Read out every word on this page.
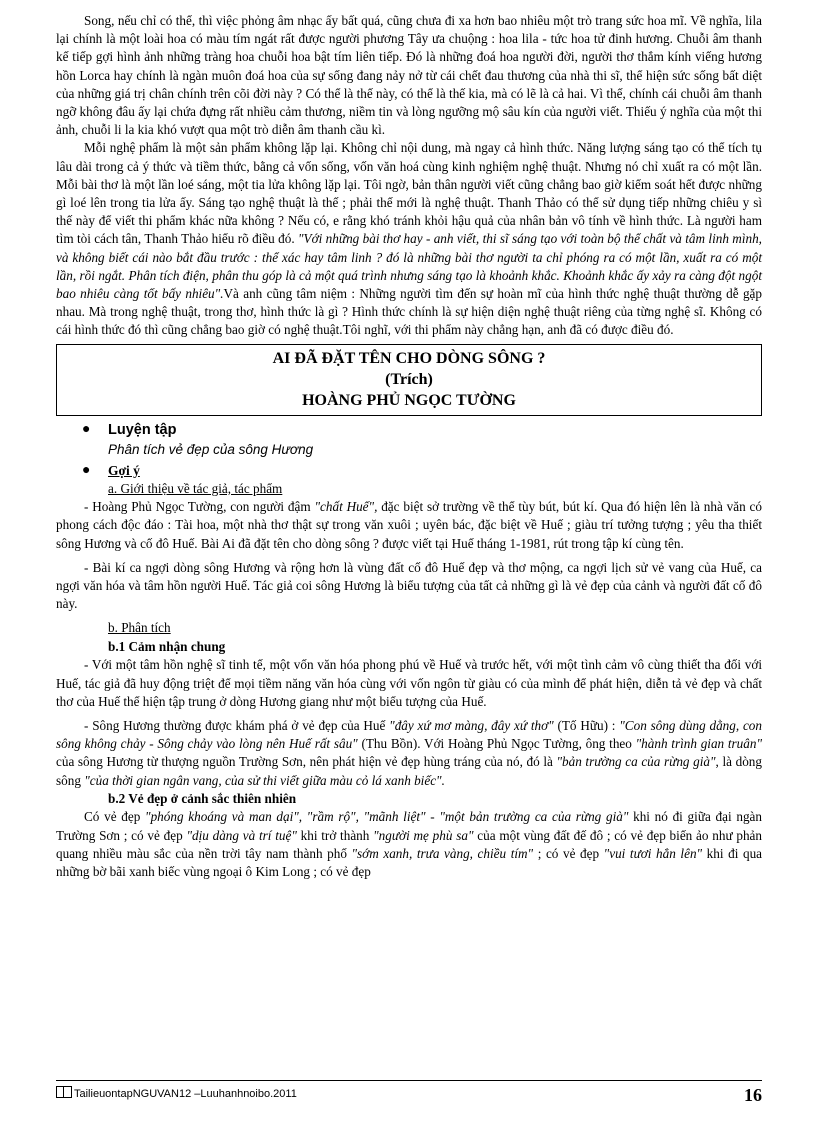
Song, nếu chỉ có thể, thì việc phỏng âm nhạc ấy bất quá, cũng chưa đi xa hơn bao nhiêu một trò trang sức hoa mĩ. Về nghĩa, lila lại chính là một loài hoa có màu tím ngát rất được người phương Tây ưa chuộng : hoa lila - tức hoa tử đinh hương. Chuỗi âm thanh kế tiếp gợi hình ảnh những tràng hoa chuỗi hoa bật tím liên tiếp. Đó là những đoá hoa người đời, người thơ thắm kính viếng hương hồn Lorca hay chính là ngàn muôn đoá hoa của sự sống đang nảy nở từ cái chết đau thương của nhà thi sĩ, thể hiện sức sống bất diệt của những giá trị chân chính trên cõi đời này ? Có thể là thế này, có thể là thế kia, mà có lẽ là cả hai. Vì thế, chính cái chuỗi âm thanh ngỡ không đâu ấy lại chứa đựng rất nhiều cảm thương, niềm tin và lòng ngưỡng mộ sâu kín của người viết. Thiếu ý nghĩa của một thi ảnh, chuỗi li la kia khó vượt qua một trò diễn âm thanh cầu kì.

Mỗi nghệ phẩm là một sản phẩm không lặp lại. Không chỉ nội dung, mà ngay cả hình thức. Năng lượng sáng tạo có thể tích tụ lâu dài trong cả ý thức và tiềm thức, bằng cả vốn sống, vốn văn hoá cùng kinh nghiệm nghệ thuật. Nhưng nó chỉ xuất ra có một lần. Mỗi bài thơ là một lần loé sáng, một tia lửa không lặp lại. Tôi ngờ, bản thân người viết cũng chẳng bao giờ kiểm soát hết được những gì loé lên trong tia lửa ấy. Sáng tạo nghệ thuật là thế ; phải thế mới là nghệ thuật. Thanh Thảo có thể sử dụng tiếp những chiêu y sì thế này để viết thi phẩm khác nữa không ? Nếu có, e rằng khó tránh khỏi hậu quả của nhân bản vô tính về hình thức. Là người ham tìm tòi cách tân, Thanh Thảo hiểu rõ điều đó. "Với những bài thơ hay - anh viết, thi sĩ sáng tạo với toàn bộ thể chất và tâm linh mình, và không biết cái nào bắt đầu trước : thể xác hay tâm linh ? đó là những bài thơ người ta chỉ phóng ra có một lần, xuất ra có một lần, rồi ngắt. Phân tích điện, phân thu góp là cả một quá trình nhưng sáng tạo là khoảnh khắc. Khoảnh khắc ấy xảy ra càng đột ngột bao nhiêu càng tốt bấy nhiêu".Và anh cũng tâm niệm : Những người tìm đến sự hoàn mĩ của hình thức nghệ thuật thường dễ gặp nhau. Mà trong nghệ thuật, trong thơ, hình thức là gì ? Hình thức chính là sự hiện diện nghệ thuật riêng của từng nghệ sĩ. Không có cái hình thức đó thì cũng chẳng bao giờ có nghệ thuật.Tôi nghĩ, với thi phẩm này chẳng hạn, anh đã có được điều đó.

AI ĐÃ ĐẶT TÊN CHO DÒNG SÔNG ?
(Trích)
HOÀNG PHỦ NGỌC TƯỜNG
● Luyện tập
Phân tích vẻ đẹp của sông Hương
● Gợi ý
a. Giới thiệu về tác giả, tác phẩm

- Hoàng Phủ Ngọc Tường, con người đậm "chất Huế", đặc biệt sở trường về thể tùy bút, bút kí. Qua đó hiện lên là nhà văn có phong cách độc đáo : Tài hoa, một nhà thơ thật sự trong văn xuôi ; uyên bác, đặc biệt về Huế ; giàu trí tưởng tượng ; yêu tha thiết sông Hương và cố đô Huế. Bài Ai đã đặt tên cho dòng sông ? được viết tại Huế tháng 1-1981, rút trong tập kí cùng tên.

- Bài kí ca ngợi dòng sông Hương và rộng hơn là vùng đất cố đô Huế đẹp và thơ mộng, ca ngợi lịch sử vẻ vang của Huế, ca ngợi văn hóa và tâm hồn người Huế. Tác giả coi sông Hương là biểu tượng của tất cả những gì là vẻ đẹp của cảnh và người đất cố đô này.

b. Phân tích
b.1 Cảm nhận chung

- Với một tâm hồn nghệ sĩ tinh tế, một vốn văn hóa phong phú về Huế và trước hết, với một tình cảm vô cùng thiết tha đối với Huế, tác giả đã huy động triệt để mọi tiềm năng văn hóa cùng với vốn ngôn từ giàu có của mình để phát hiện, diễn tả vẻ đẹp và chất thơ của Huế thể hiện tập trung ở dòng Hương giang như một biểu tượng của Huế.

- Sông Hương thường được khám phá ở vẻ đẹp của Huế "đây xứ mơ màng, đây xứ thơ" (Tố Hữu) : "Con sông dùng dằng, con sông không chảy - Sông chảy vào lòng nên Huế rất sâu" (Thu Bồn). Với Hoàng Phủ Ngọc Tường, ông theo "hành trình gian truân" của sông Hương từ thượng nguồn Trường Sơn, nên phát hiện vẻ đẹp hùng tráng của nó, đó là "bản trường ca của rừng già", là dòng sông "của thời gian ngân vang, của sử thi viết giữa màu cỏ lá xanh biếc".

b.2 Vẻ đẹp ở cảnh sắc thiên nhiên

Có vẻ đẹp "phóng khoáng và man dại", "rầm rộ", "mãnh liệt" - "một bản trường ca của rừng già" khi nó đi giữa đại ngàn Trường Sơn ; có vẻ đẹp "dịu dàng và trí tuệ" khi trở thành "người mẹ phù sa" của một vùng đất đế đô ; có vẻ đẹp biến ảo như phản quang nhiều màu sắc của nền trời tây nam thành phố "sớm xanh, trưa vàng, chiều tím" ; có vẻ đẹp "vui tươi hẳn lên" khi đi qua những bờ bãi xanh biếc vùng ngoại ô Kim Long ; có vẻ đẹp

TailieuontapNGUVAN12 –Luuhanhnoibo.2011	16
